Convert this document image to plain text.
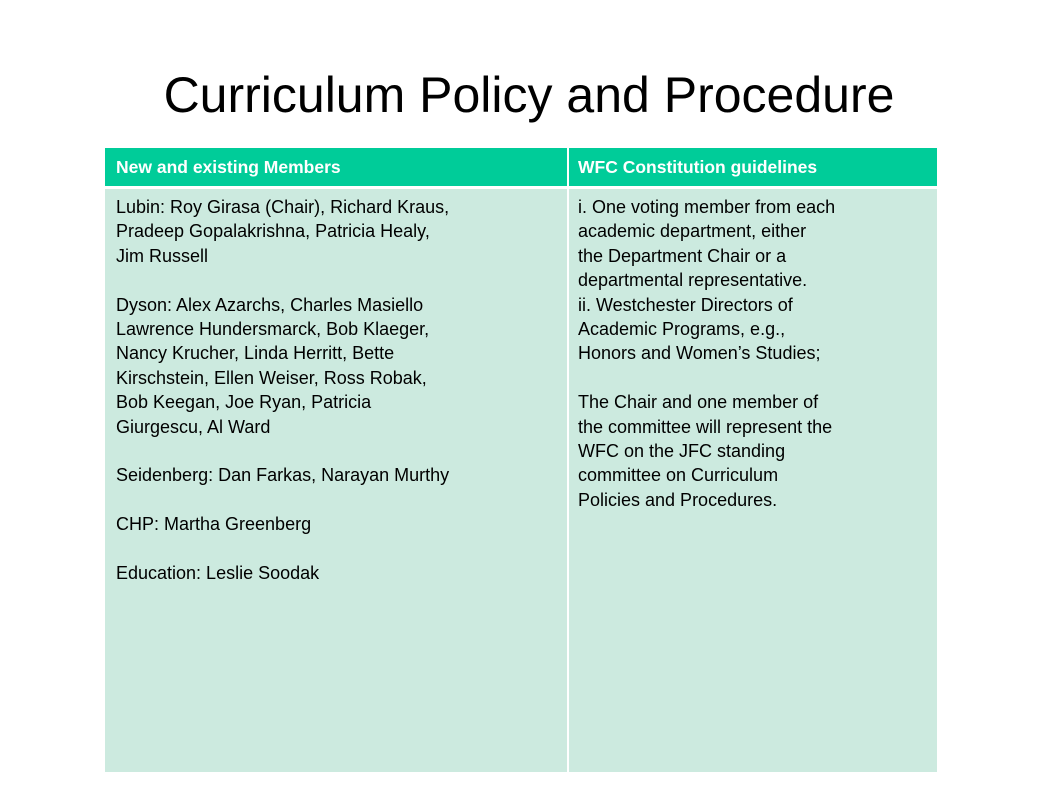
Curriculum Policy and Procedure
New and existing Members	WFC Constitution guidelines

Lubin: Roy Girasa (Chair), Richard Kraus,
Pradeep Gopalakrishna, Patricia Healy,
Jim Russell

Dyson: Alex Azarchs, Charles Masiello
Lawrence Hundersmarck, Bob Klaeger,
Nancy Krucher, Linda Herritt, Bette
Kirschstein, Ellen Weiser, Ross Robak,
Bob Keegan, Joe Ryan, Patricia
Giurgescu, Al Ward

Seidenberg: Dan Farkas, Narayan Murthy

CHP: Martha Greenberg

Education: Leslie Soodak

i. One voting member from each
academic department, either
the Department Chair or a
departmental representative.

ii. Westchester Directors of
Academic Programs, e.g.,
Honors and Women’s Studies;

The Chair and one member of
the committee will represent the
WFC on the JFC standing
committee on Curriculum
Policies and Procedures.
